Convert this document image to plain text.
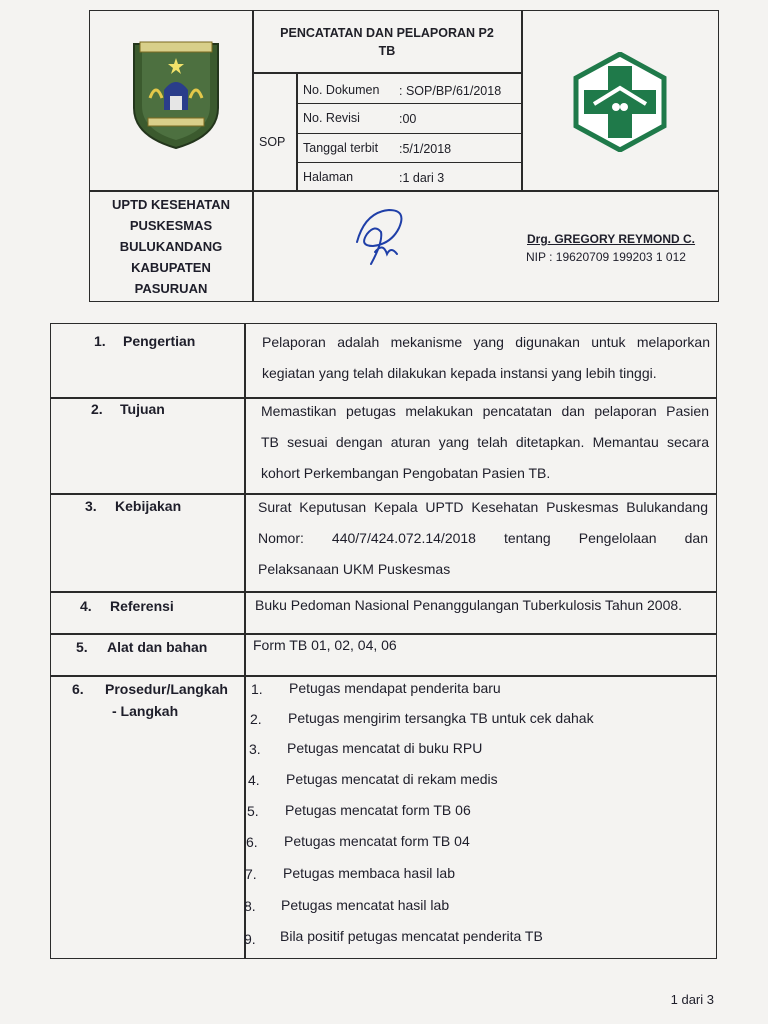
PENCATATAN DAN PELAPORAN P2
TB
SOP
No. Dokumen : SOP/BP/61/2018
No. Revisi	:00
Tanggal terbit :5/1/2018
Halaman	:1 dari 3
UPTD KESEHATAN
PUSKESMAS
BULUKANDANG
KABUPATEN
PASURUAN
Drg. GREGORY REYMOND C.
NIP : 19620709 199203 1 012
1. Pengertian	Pelaporan adalah mekanisme yang digunakan untuk melaporkan
kegiatan yang telah dilakukan kepada instansi yang lebih tinggi.
2. Tujuan	Memastikan petugas melakukan pencatatan dan pelaporan Pasien
TB sesuai dengan aturan yang telah ditetapkan. Memantau secara
kohort Perkembangan Pengobatan Pasien TB.
3. Kebijakan	Surat Keputusan Kepala UPTD Kesehatan Puskesmas Bulukandang
Nomor:    440/7/424.072.14/2018    tentang    Pengelolaan    dan
Pelaksanaan UKM Puskesmas
4. Referensi	Buku Pedoman Nasional Penanggulangan Tuberkulosis Tahun 2008.
5. Alat dan bahan	Form TB 01, 02, 04, 06
6. Prosedur/Langkah
- Langkah
1. Petugas mendapat penderita baru
2. Petugas mengirim tersangka TB untuk cek dahak
3. Petugas mencatat di buku RPU
4. Petugas mencatat di rekam medis
5. Petugas mencatat form TB 06
6. Petugas mencatat form TB 04
7. Petugas membaca hasil lab
8. Petugas mencatat hasil lab
9. Bila positif petugas mencatat penderita TB
1 dari 3
